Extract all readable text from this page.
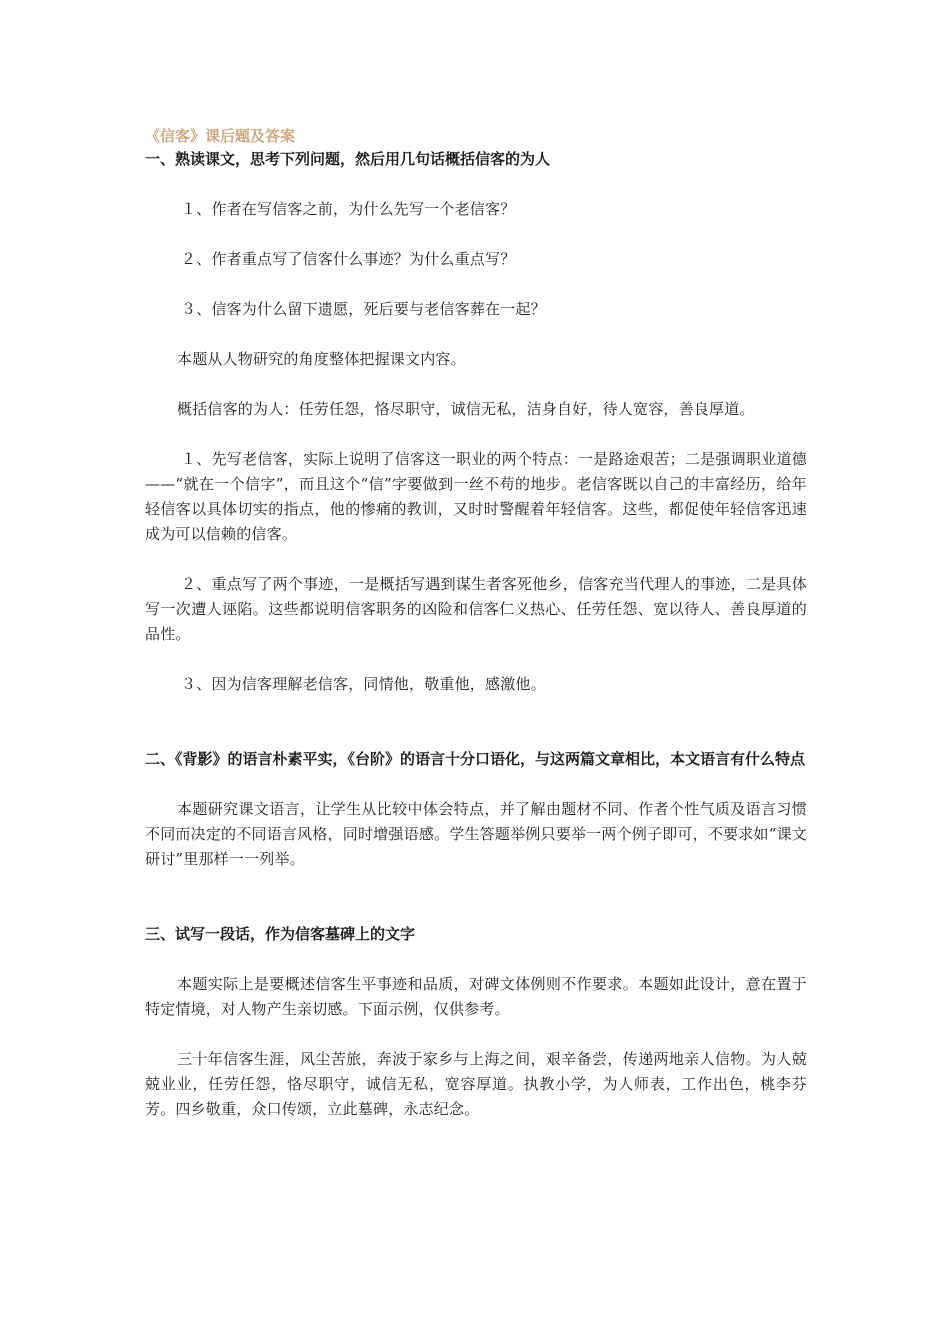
《信客》课后题及答案
一、熟读课文，思考下列问题，然后用几句话概括信客的为人

１、作者在写信客之前，为什么先写一个老信客？

２、作者重点写了信客什么事迹？为什么重点写？

３、信客为什么留下遗愿，死后要与老信客葬在一起？

本题从人物研究的角度整体把握课文内容。

概括信客的为人：任劳任怨，恪尽职守，诚信无私，洁身自好，待人宽容，善良厚道。

１、先写老信客，实际上说明了信客这一职业的两个特点：一是路途艰苦；二是强调职业道德——“就在一个信字”，而且这个“信”字要做到一丝不苟的地步。老信客既以自己的丰富经历，给年轻信客以具体切实的指点，他的惨痛的教训，又时时警醒着年轻信客。这些，都促使年轻信客迅速成为可以信赖的信客。

２、重点写了两个事迹，一是概括写遇到谋生者客死他乡，信客充当代理人的事迹，二是具体写一次遭人诬陷。这些都说明信客职务的凶险和信客仁义热心、任劳任怨、宽以待人、善良厚道的品性。

３、因为信客理解老信客，同情他，敬重他，感激他。

二、《背影》的语言朴素平实，《台阶》的语言十分口语化，与这两篇文章相比，本文语言有什么特点

本题研究课文语言，让学生从比较中体会特点，并了解由题材不同、作者个性气质及语言习惯不同而决定的不同语言风格，同时增强语感。学生答题举例只要举一两个例子即可，不要求如“课文研讨”里那样一一列举。

三、试写一段话，作为信客墓碑上的文字

本题实际上是要概述信客生平事迹和品质，对碑文体例则不作要求。本题如此设计，意在置于特定情境，对人物产生亲切感。下面示例，仅供参考。

三十年信客生涯，风尘苦旅，奔波于家乡与上海之间，艰辛备尝，传递两地亲人信物。为人兢兢业业，任劳任怨，恪尽职守，诚信无私，宽容厚道。执教小学，为人师表，工作出色，桃李芬芳。四乡敬重，众口传颂，立此墓碑，永志纪念。
